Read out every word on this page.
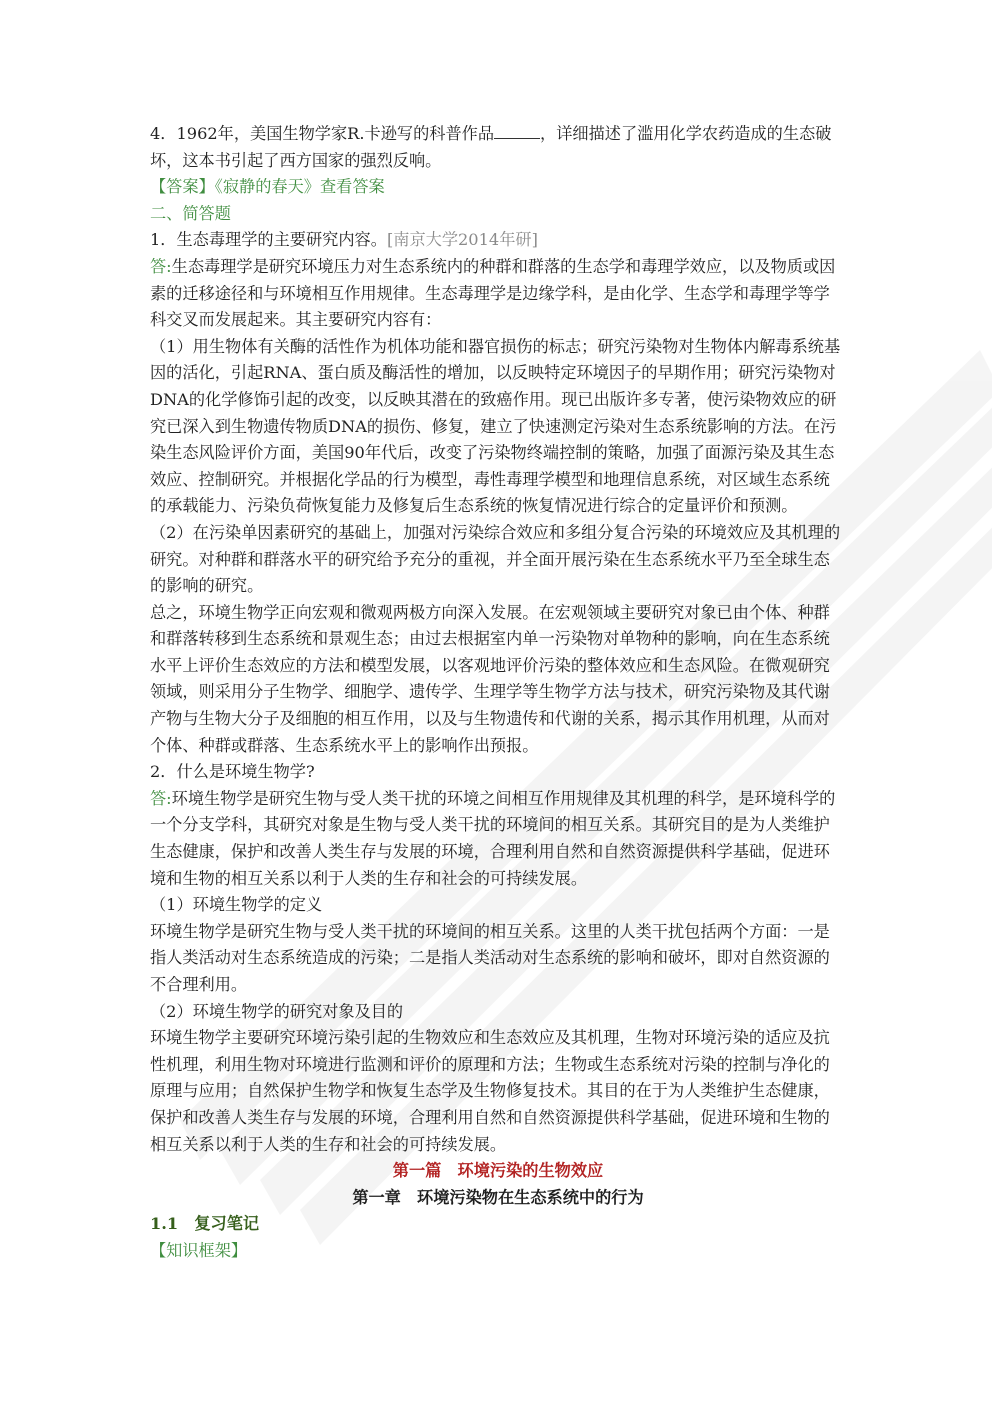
4．1962年，美国生物学家R.卡逊写的科普作品	，详细描述了滥用化学农药造成的生态破坏，这本书引起了西方国家的强烈反响。

【答案】《寂静的春天》查看答案

二、简答题

1．生态毒理学的主要研究内容。[南京大学2014年研]

答:生态毒理学是研究环境压力对生态系统内的种群和群落的生态学和毒理学效应，以及物质或因素的迁移途径和与环境相互作用规律。生态毒理学是边缘学科，是由化学、生态学和毒理学等学科交叉而发展起来。其主要研究内容有：

（1）用生物体有关酶的活性作为机体功能和器官损伤的标志；研究污染物对生物体内解毒系统基因的活化，引起RNA、蛋白质及酶活性的增加，以反映特定环境因子的早期作用；研究污染物对DNA的化学修饰引起的改变，以反映其潜在的致癌作用。现已出版许多专著，使污染物效应的研究已深入到生物遗传物质DNA的损伤、修复，建立了快速测定污染对生态系统影响的方法。在污染生态风险评价方面，美国90年代后，改变了污染物终端控制的策略，加强了面源污染及其生态效应、控制研究。并根据化学品的行为模型，毒性毒理学模型和地理信息系统，对区域生态系统的承载能力、污染负荷恢复能力及修复后生态系统的恢复情况进行综合的定量评价和预测。

（2）在污染单因素研究的基础上，加强对污染综合效应和多组分复合污染的环境效应及其机理的研究。对种群和群落水平的研究给予充分的重视，并全面开展污染在生态系统水平乃至全球生态的影响的研究。

总之，环境生物学正向宏观和微观两极方向深入发展。在宏观领域主要研究对象已由个体、种群和群落转移到生态系统和景观生态；由过去根据室内单一污染物对单物种的影响，向在生态系统水平上评价生态效应的方法和模型发展，以客观地评价污染的整体效应和生态风险。在微观研究领域，则采用分子生物学、细胞学、遗传学、生理学等生物学方法与技术，研究污染物及其代谢产物与生物大分子及细胞的相互作用，以及与生物遗传和代谢的关系，揭示其作用机理，从而对个体、种群或群落、生态系统水平上的影响作出预报。

2．什么是环境生物学?

答:环境生物学是研究生物与受人类干扰的环境之间相互作用规律及其机理的科学，是环境科学的一个分支学科，其研究对象是生物与受人类干扰的环境间的相互关系。其研究目的是为人类维护生态健康，保护和改善人类生存与发展的环境，合理利用自然和自然资源提供科学基础，促进环境和生物的相互关系以利于人类的生存和社会的可持续发展。

（1）环境生物学的定义

环境生物学是研究生物与受人类干扰的环境间的相互关系。这里的人类干扰包括两个方面：一是指人类活动对生态系统造成的污染；二是指人类活动对生态系统的影响和破坏，即对自然资源的不合理利用。

（2）环境生物学的研究对象及目的

环境生物学主要研究环境污染引起的生物效应和生态效应及其机理，生物对环境污染的适应及抗性机理，利用生物对环境进行监测和评价的原理和方法；生物或生态系统对污染的控制与净化的原理与应用；自然保护生物学和恢复生态学及生物修复技术。其目的在于为人类维护生态健康，保护和改善人类生存与发展的环境，合理利用自然和自然资源提供科学基础，促进环境和生物的相互关系以利于人类的生存和社会的可持续发展。

第一篇　环境污染的生物效应

第一章　环境污染物在生态系统中的行为

1.1　复习笔记

【知识框架】
